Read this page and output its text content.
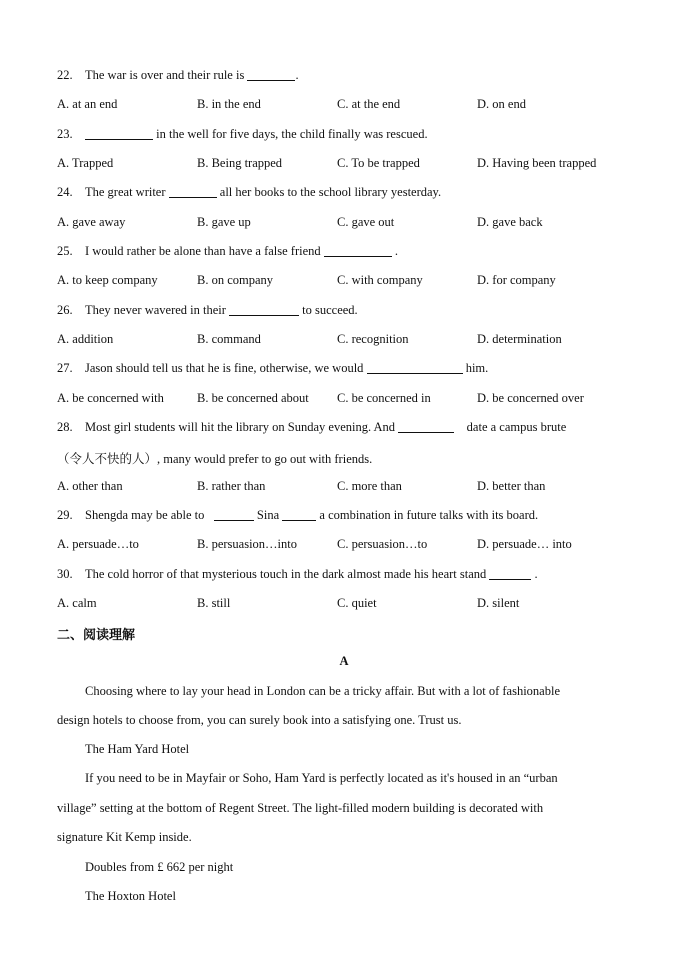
22. The war is over and their rule is	.
A. at an end	B. in the end	C. at the end	D. on end
23.	in the well for five days, the child finally was rescued.
A. Trapped	B. Being trapped	C. To be trapped	D. Having been trapped
24. The great writer	all her books to the school library yesterday.
A. gave away	B. gave up	C. gave out	D. gave back
25. I would rather be alone than have a false friend	.
A. to keep company	B. on company	C. with company	D. for company
26. They never wavered in their	to succeed.
A. addition	B. command	C. recognition	D. determination
27. Jason should tell us that he is fine, otherwise, we would	him.
A. be concerned with	B. be concerned about C. be concerned in	D. be concerned over
28. Most girl students will hit the library on Sunday evening. And	date a campus brute
（令人不快的人）, many would prefer to go out with friends.
A. other than	B. rather than	C. more than	D. better than
29. Shengda may be able to	Sina	a combination in future talks with its board.
A. persuade…to	B. persuasion…into	C. persuasion…to	D. persuade… into
30. The cold horror of that mysterious touch in the dark almost made his heart stand	.
A. calm	B. still	C. quiet	D. silent
二、阅读理解
A
Choosing where to lay your head in London can be a tricky affair. But with a lot of fashionable
design hotels to choose from, you can surely book into a satisfying one. Trust us.
The Ham Yard Hotel
If you need to be in Mayfair or Soho, Ham Yard is perfectly located as it's housed in an “urban
village” setting at the bottom of Regent Street. The light-filled modern building is decorated with
signature Kit Kemp inside.
Doubles from £ 662 per night
The Hoxton Hotel
